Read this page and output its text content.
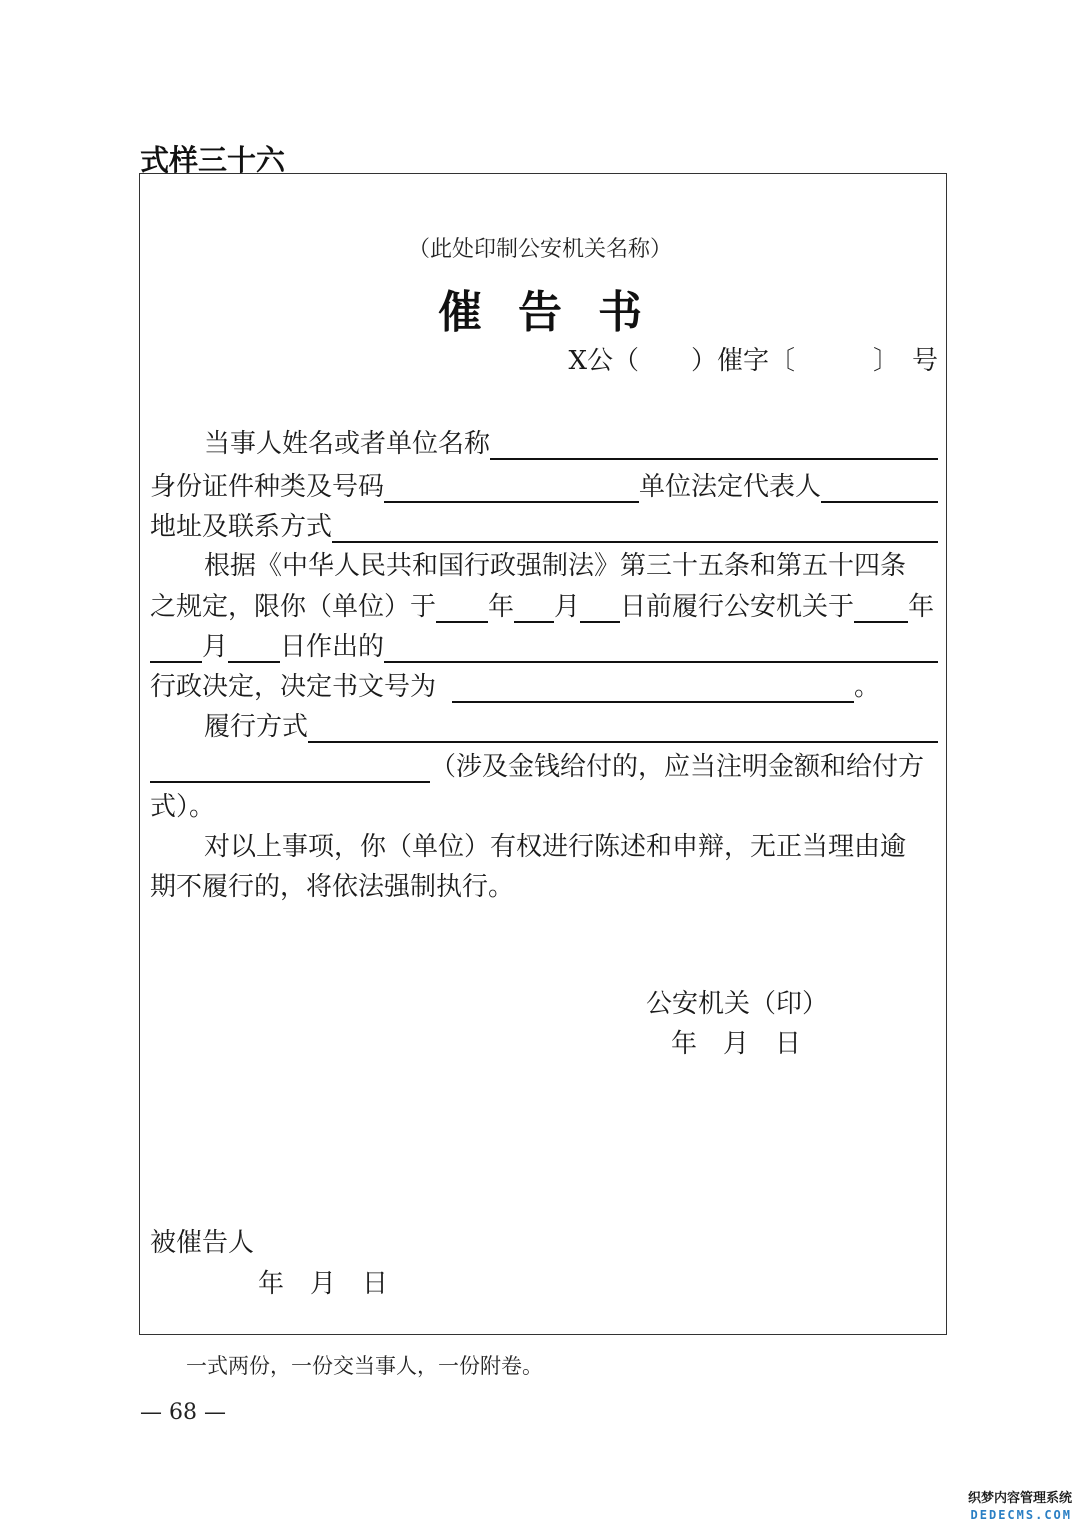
式样三十六
（此处印制公安机关名称）
催告书
X公（　　）催字〔　　　〕　号
当事人姓名或者单位名称
身份证件种类及号码	单位法定代表人
地址及联系方式
根据《中华人民共和国行政强制法》第三十五条和第五十四条
之规定，限你（单位）于 年 月 日前履行公安机关于 年
月 日作出的
行政决定，决定书文号为	。
履行方式
（涉及金钱给付的，应当注明金额和给付方
式）。
对以上事项，你（单位）有权进行陈述和申辩，无正当理由逾
期不履行的，将依法强制执行。
公安机关（印）
年　月　日
被催告人
年　月　日
一式两份，一份交当事人，一份附卷。
— 68 —
织梦内容管理系统
DEDECMS.COM
